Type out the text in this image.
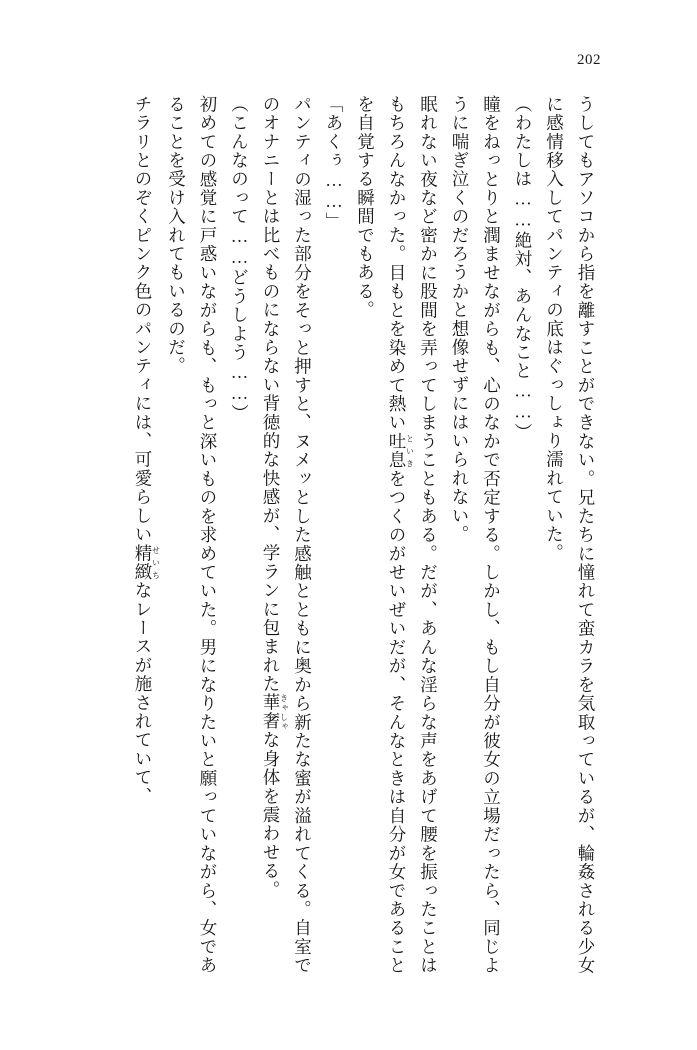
202

うしてもアソコから指を離すことができない。兄たちに憧れて蛮カラを気取っているが、輪姦される少女に感情移入してパンティの底はぐっしょり濡れていた。

（わたしは……絶対、あんなこと……）

瞳をねっとりと潤ませながらも、心のなかで否定する。しかし、もし自分が彼女の立場だったら、同じように喘ぎ泣くのだろうかと想像せずにはいられない。

眠れない夜など密かに股間を弄ってしまうこともある。だが、あんな淫らな声をあげて腰を振ったことはもちろんなかった。目もとを染めて熱い吐息といきをつくのがせいぜいだが、そんなときは自分が女であることを自覚する瞬間でもある。

「あくぅ……」

パンティの湿った部分をそっと押すと、ヌメッとした感触とともに奥から新たな蜜が溢れてくる。自室でのオナニーとは比べものにならない背徳的な快感が、学ランに包まれた華奢きゃしゃな身体を震わせる。

（こんなのって……どうしよう……）

初めての感覚に戸惑いながらも、もっと深いものを求めていた。男になりたいと願っていながら、女であることを受け入れてもいるのだ。

チラリとのぞくピンク色のパンティには、可愛らしい精緻せいちなレースが施されていて、
